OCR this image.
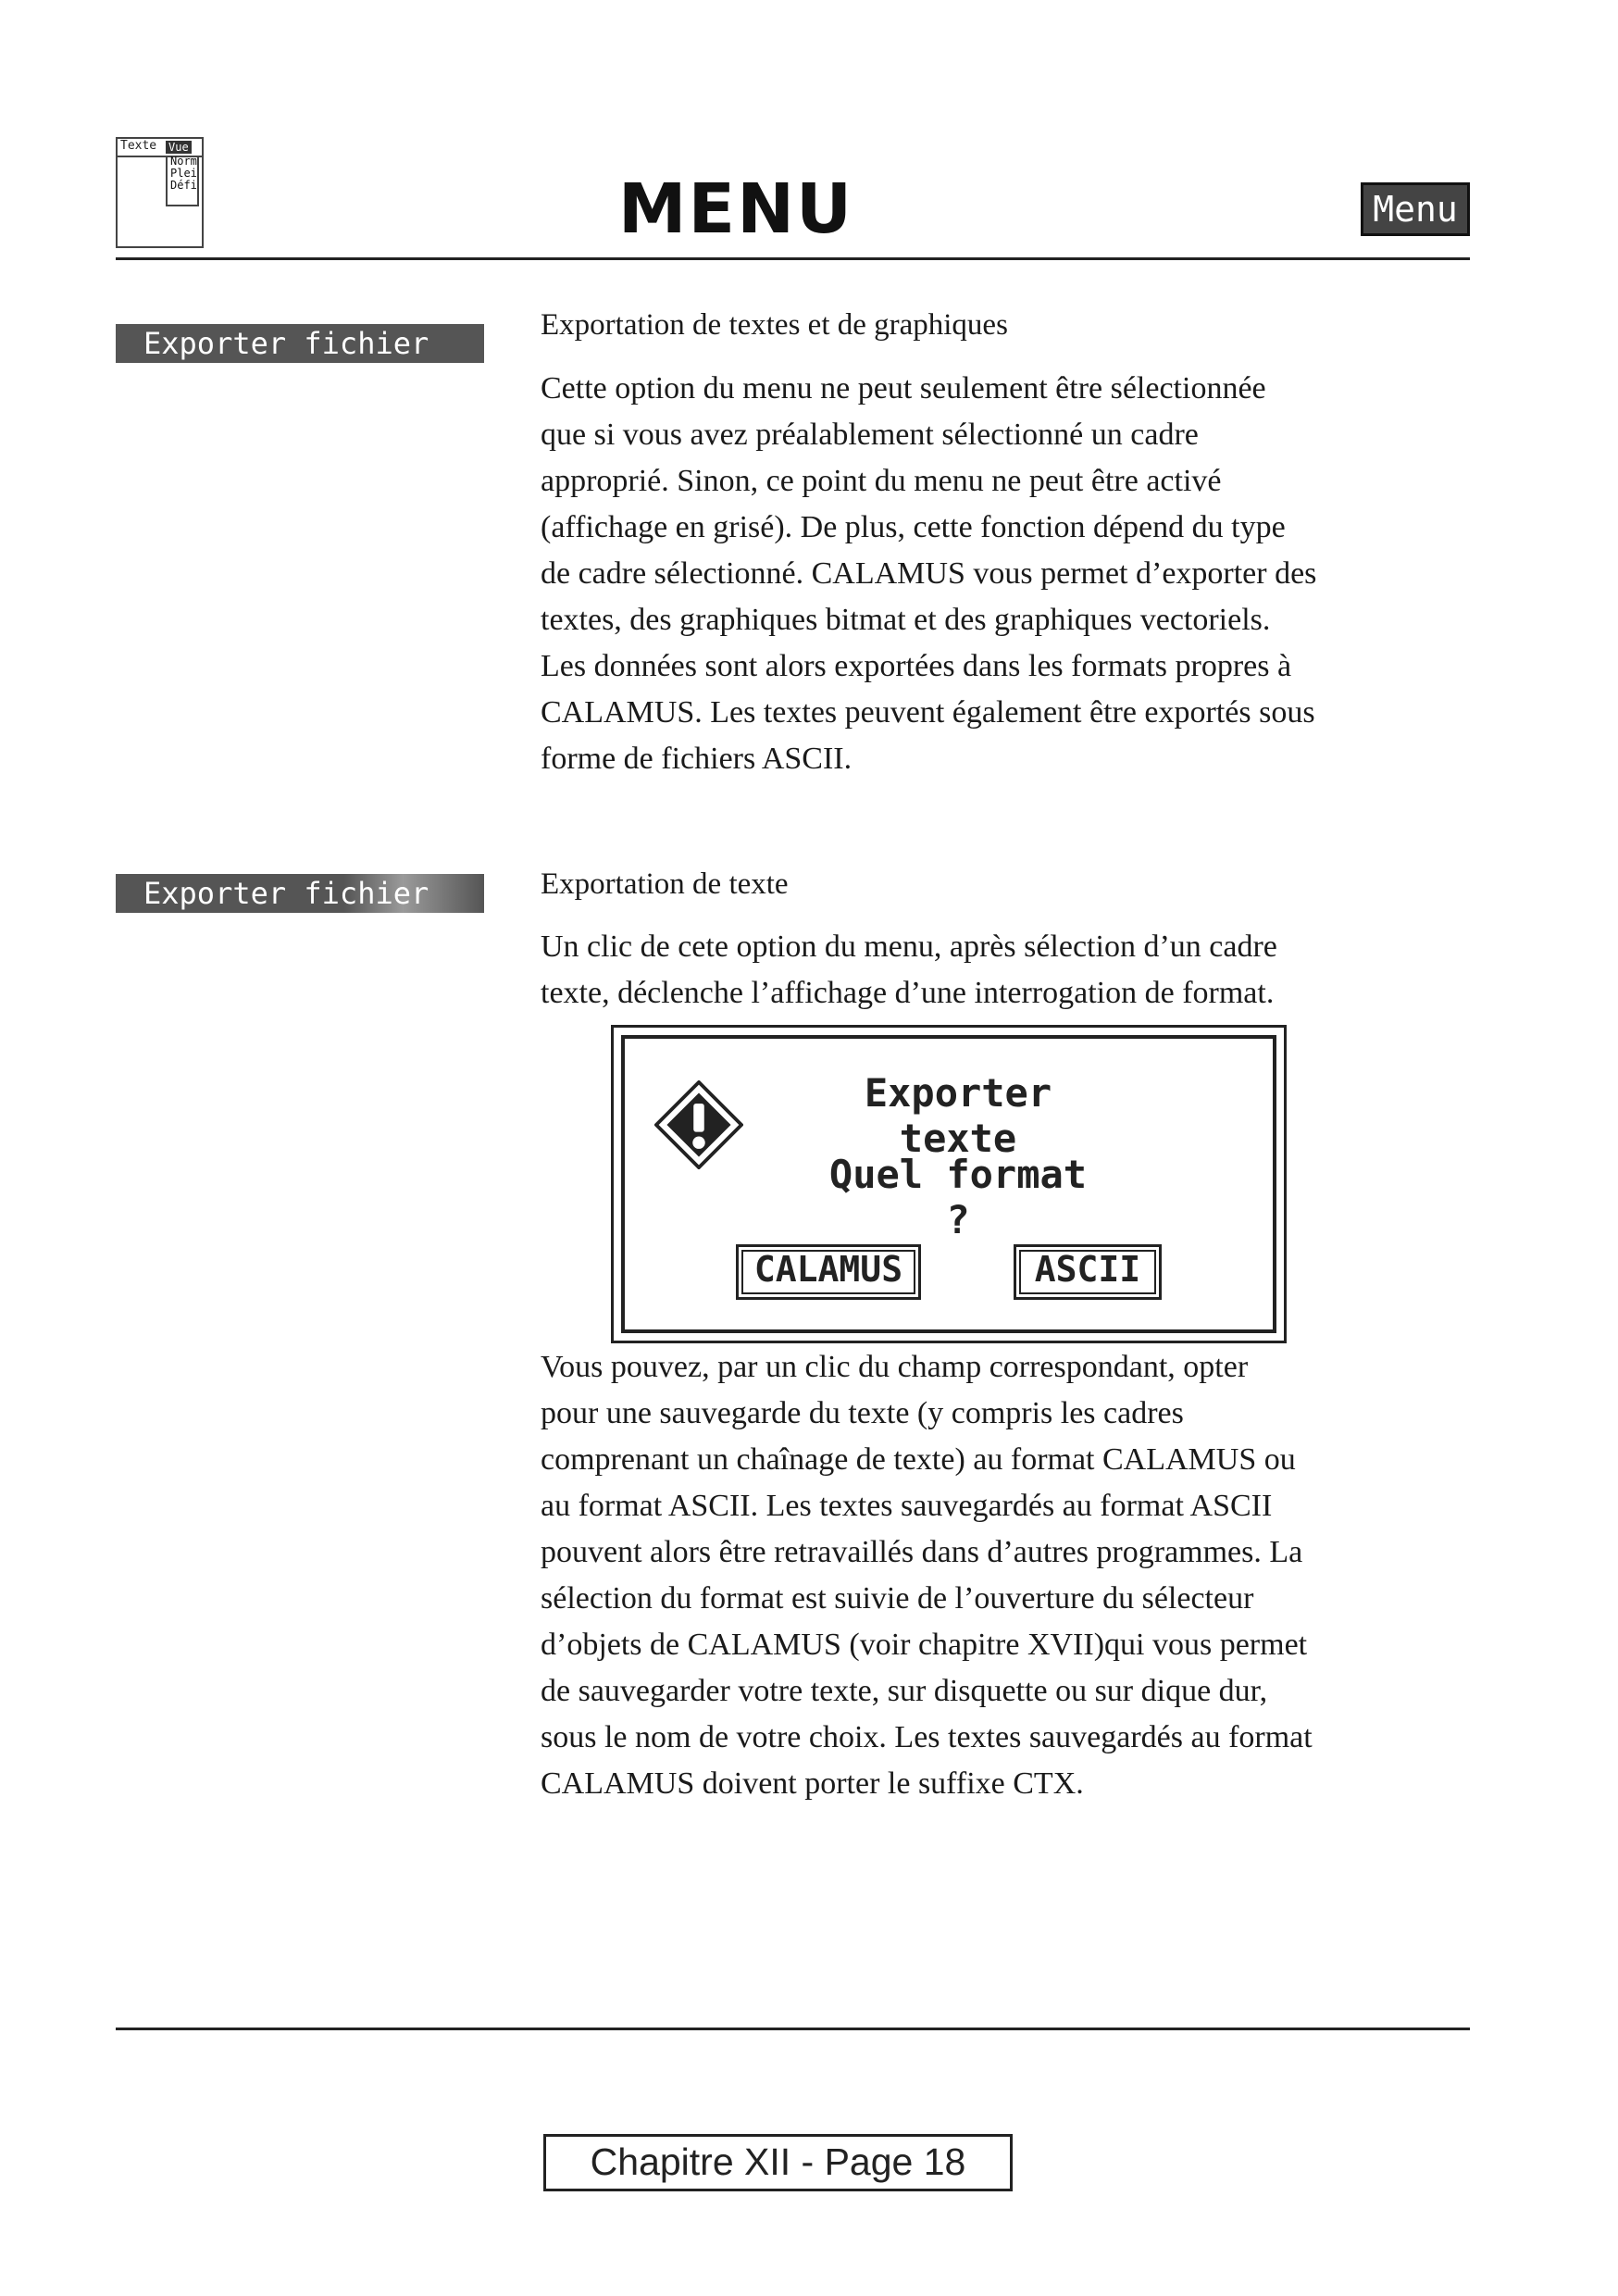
Texte Vue
Norm
Plei
Défi	MENU	Menu
Exporter fichier
Exportation de textes et de graphiques
Cette option du menu ne peut seulement être sélectionnée
que si vous avez préalablement sélectionné un cadre
approprié. Sinon, ce point du menu ne peut être activé
(affichage en grisé). De plus, cette fonction dépend du type
de cadre sélectionné. CALAMUS vous permet d’exporter des
textes, des graphiques bitmat et des graphiques vectoriels.
Les données sont alors exportées dans les formats propres à
CALAMUS. Les textes peuvent également être exportés sous
forme de fichiers ASCII.
Exporter fichier	Exportation de texte
Un clic de cete option du menu, après sélection d’un cadre
texte, déclenche l’affichage d’une interrogation de format.
Exporter texte
Quel format ?
CALAMUS	ASCII
Vous pouvez, par un clic du champ correspondant, opter
pour une sauvegarde du texte (y compris les cadres
comprenant un chaînage de texte) au format CALAMUS ou
au format ASCII. Les textes sauvegardés au format ASCII
pouvent alors être retravaillés dans d’autres programmes. La
sélection du format est suivie de l’ouverture du sélecteur
d’objets de CALAMUS (voir chapitre XVII)qui vous permet
de sauvegarder votre texte, sur disquette ou sur dique dur,
sous le nom de votre choix. Les textes sauvegardés au format
CALAMUS doivent porter le suffixe CTX.
Chapitre XII - Page 18
